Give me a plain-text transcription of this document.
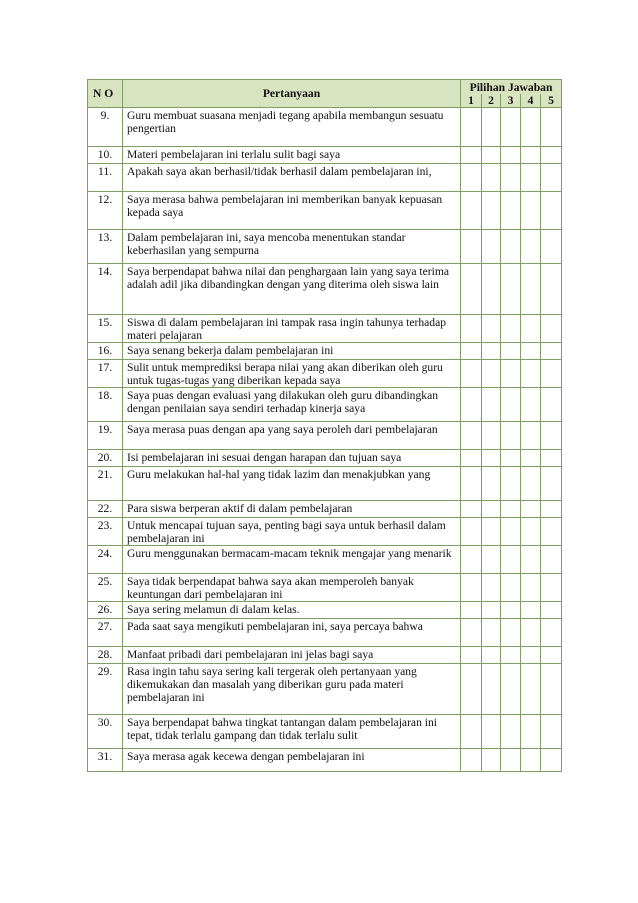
N O	Pertanyaan	Pilihan Jawaban				
		1	2	3	4	5
9.	Guru membuat suasana menjadi tegang apabila membangun sesuatu pengertian					

10.	Materi pembelajaran ini terlalu sulit bagi saya					

11.	Apakah saya akan berhasil/tidak berhasil dalam pembelajaran ini,					

12.	Saya merasa bahwa pembelajaran ini memberikan banyak kepuasan kepada saya					

13.	Dalam pembelajaran ini, saya mencoba menentukan standar keberhasilan yang sempurna					

14.	Saya berpendapat bahwa nilai dan penghargaan lain yang saya terima adalah adil jika dibandingkan dengan yang diterima oleh siswa lain					

15.	Siswa di dalam pembelajaran ini tampak rasa ingin tahunya terhadap materi pelajaran					

16.	Saya senang bekerja dalam pembelajaran ini					

17.	Sulit untuk memprediksi berapa nilai yang akan diberikan oleh guru untuk tugas-tugas yang diberikan kepada saya					

18.	Saya puas dengan evaluasi yang dilakukan oleh guru dibandingkan dengan penilaian saya sendiri terhadap kinerja saya					

19.	Saya merasa puas dengan apa yang saya peroleh dari pembelajaran					

20.	Isi pembelajaran ini sesuai dengan harapan dan tujuan saya					

21.	Guru melakukan hal-hal yang tidak lazim dan menakjubkan yang					

22.	Para siswa berperan aktif di dalam pembelajaran					

23.	Untuk mencapai tujuan saya, penting bagi saya untuk berhasil dalam pembelajaran ini					

24.	Guru menggunakan bermacam-macam teknik mengajar yang menarik					

25.	Saya tidak berpendapat bahwa saya akan memperoleh banyak keuntungan dari pembelajaran ini					

26.	Saya sering melamun di dalam kelas.					

27.	Pada saat saya mengikuti pembelajaran ini, saya percaya bahwa					

28.	Manfaat pribadi dari pembelajaran ini jelas bagi saya					

29.	Rasa ingin tahu saya sering kali tergerak oleh pertanyaan yang dikemukakan dan masalah yang diberikan guru pada materi pembelajaran ini					

30.	Saya berpendapat bahwa tingkat tantangan dalam pembelajaran ini tepat, tidak terlalu gampang dan tidak terlalu sulit					

31.	Saya merasa agak kecewa dengan pembelajaran ini					
